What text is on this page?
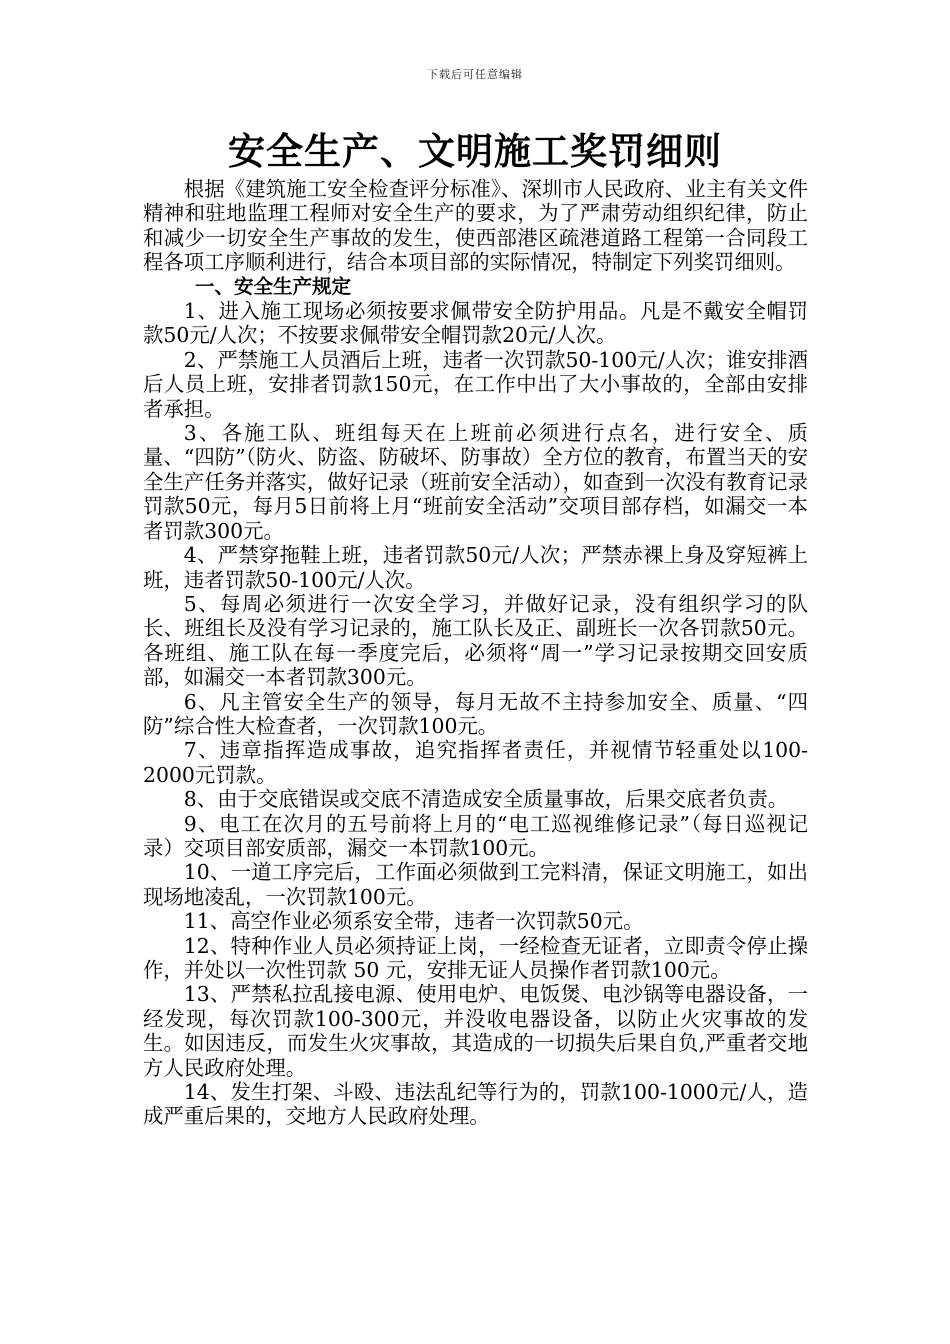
下载后可任意编辑
安全生产、文明施工奖罚细则

根据《建筑施工安全检查评分标准》、深圳市人民政府、业主有关文件精神和驻地监理工程师对安全生产的要求，为了严肃劳动组织纪律，防止和减少一切安全生产事故的发生，使西部港区疏港道路工程第一合同段工程各项工序顺利进行，结合本项目部的实际情况，特制定下列奖罚细则。

一、安全生产规定

1、进入施工现场必须按要求佩带安全防护用品。凡是不戴安全帽罚款50元/人次；不按要求佩带安全帽罚款20元/人次。

2、严禁施工人员酒后上班，违者一次罚款50-100元/人次；谁安排酒后人员上班，安排者罚款150元，在工作中出了大小事故的，全部由安排者承担。

3、各施工队、班组每天在上班前必须进行点名，进行安全、质量、“四防”（防火、防盗、防破坏、防事故）全方位的教育，布置当天的安全生产任务并落实，做好记录（班前安全活动），如查到一次没有教育记录罚款50元，每月5日前将上月“班前安全活动”交项目部存档，如漏交一本者罚款300元。

4、严禁穿拖鞋上班，违者罚款50元/人次；严禁赤裸上身及穿短裤上班，违者罚款50-100元/人次。

5、每周必须进行一次安全学习，并做好记录，没有组织学习的队长、班组长及没有学习记录的，施工队长及正、副班长一次各罚款50元。各班组、施工队在每一季度完后，必须将“周一”学习记录按期交回安质部，如漏交一本者罚款300元。

6、凡主管安全生产的领导，每月无故不主持参加安全、质量、“四防”综合性大检查者，一次罚款100元。

7、违章指挥造成事故，追究指挥者责任，并视情节轻重处以100-2000元罚款。

8、由于交底错误或交底不清造成安全质量事故，后果交底者负责。

9、电工在次月的五号前将上月的“电工巡视维修记录”（每日巡视记录）交项目部安质部，漏交一本罚款100元。

10、一道工序完后，工作面必须做到工完料清，保证文明施工，如出现场地凌乱，一次罚款100元。

11、高空作业必须系安全带，违者一次罚款50元。

12、特种作业人员必须持证上岗，一经检查无证者，立即责令停止操作，并处以一次性罚款 50 元，安排无证人员操作者罚款100元。

13、严禁私拉乱接电源、使用电炉、电饭煲、电沙锅等电器设备，一经发现，每次罚款100-300元，并没收电器设备，以防止火灾事故的发生。如因违反，而发生火灾事故，其造成的一切损失后果自负,严重者交地方人民政府处理。

14、发生打架、斗殴、违法乱纪等行为的，罚款100-1000元/人，造成严重后果的，交地方人民政府处理。
